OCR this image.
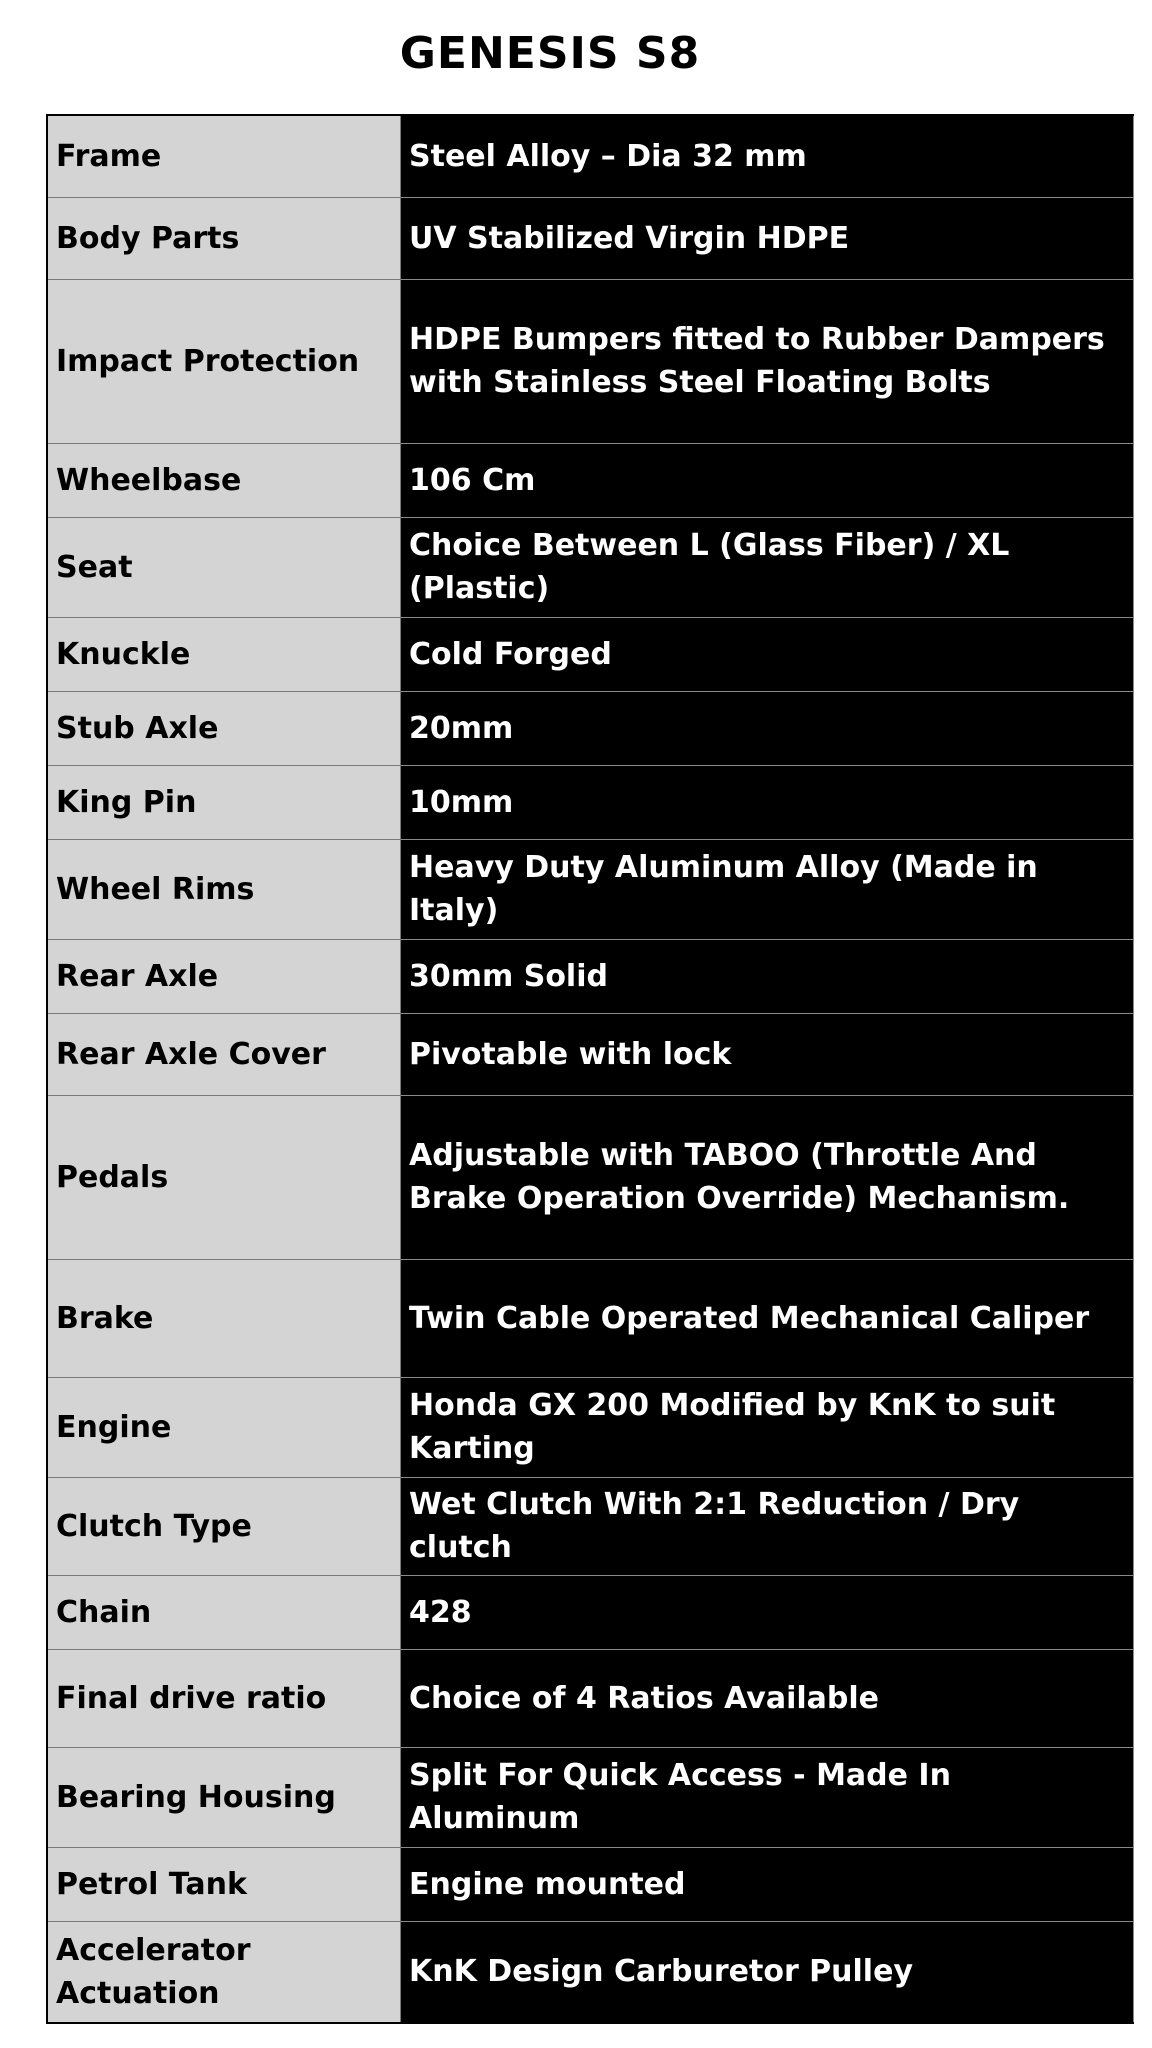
GENESIS S8
Frame	Steel Alloy – Dia 32 mm
Body Parts	UV Stabilized Virgin HDPE
Impact Protection	HDPE Bumpers fitted to Rubber Dampers with Stainless Steel Floating Bolts
Wheelbase	106 Cm
Seat	Choice Between L (Glass Fiber) / XL (Plastic)
Knuckle	Cold Forged
Stub Axle	20mm
King Pin	10mm
Wheel Rims	Heavy Duty Aluminum Alloy (Made in Italy)
Rear Axle	30mm Solid
Rear Axle Cover	Pivotable with lock
Pedals	Adjustable with TABOO (Throttle And Brake Operation Override) Mechanism.
Brake	Twin Cable Operated Mechanical Caliper
Engine	Honda GX 200 Modified by KnK to suit Karting
Clutch Type	Wet Clutch With 2:1 Reduction / Dry clutch
Chain	428
Final drive ratio	Choice of 4 Ratios Available
Bearing Housing	Split For Quick Access - Made In Aluminum
Petrol Tank	Engine mounted
Accelerator Actuation	KnK Design Carburetor Pulley
